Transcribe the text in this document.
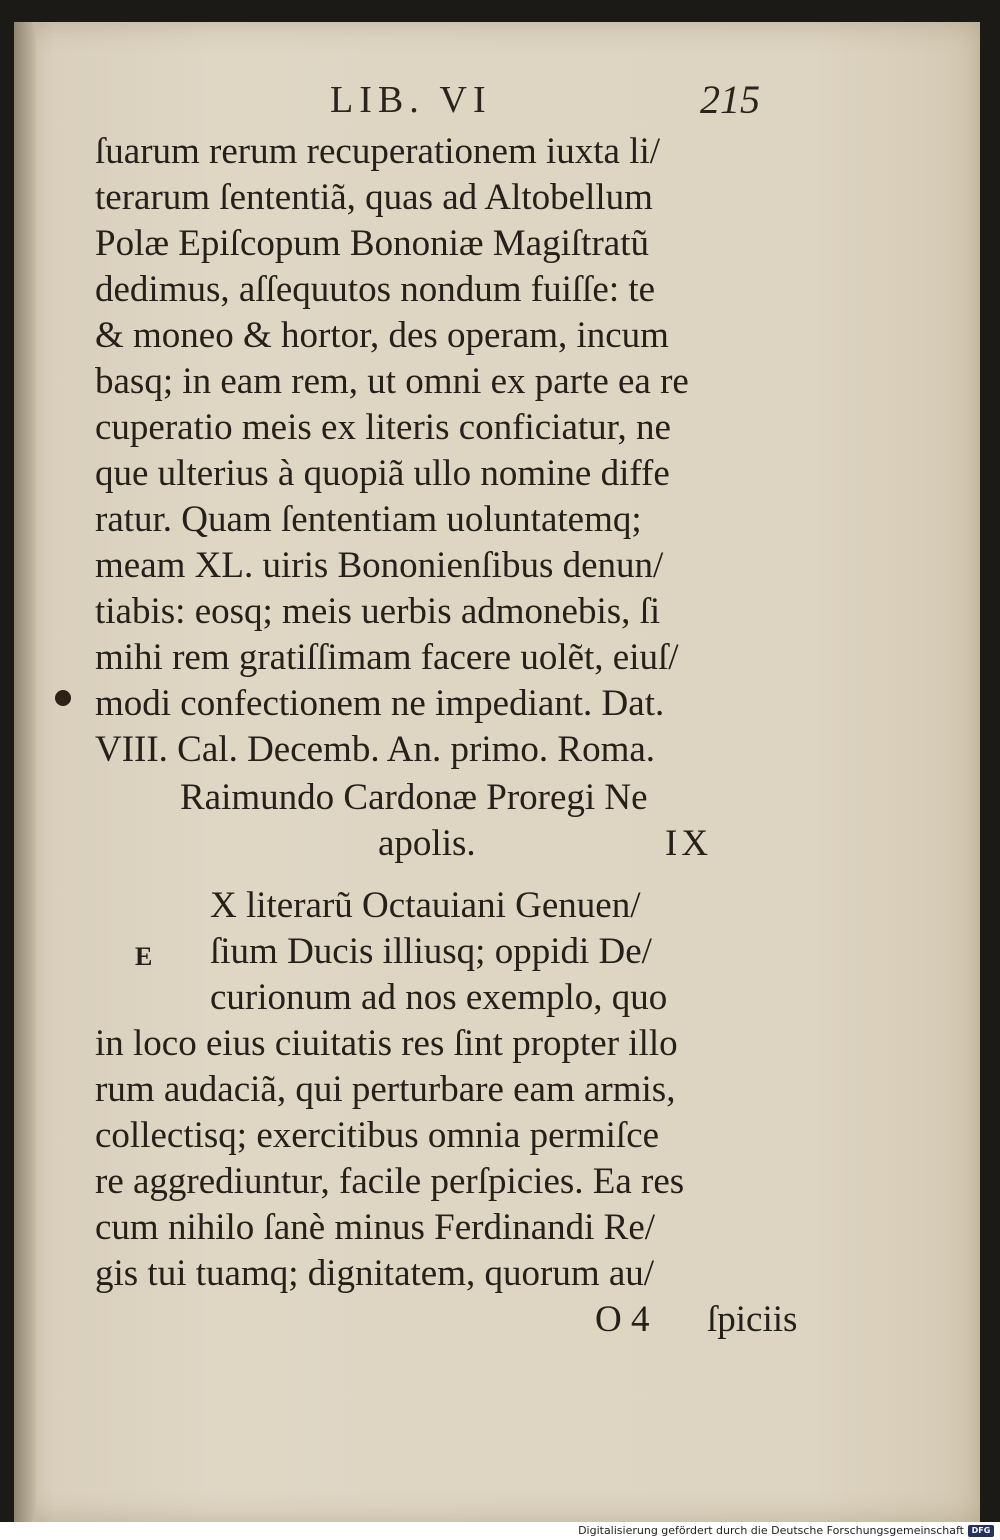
LIB. VI	215
ſuarum rerum recuperationem iuxta li/
terarum ſententiã, quas ad Altobellum
Polæ Epiſcopum Bononiæ Magiſtratũ
dedimus, aſſequutos nondum fuiſſe: te
& moneo & hortor, des operam, incum
basq; in eam rem, ut omni ex parte ea re
cuperatio meis ex literis conficiatur, ne
que ulterius à quopiã ullo nomine diffe
ratur. Quam ſententiam uoluntatemq;
meam XL. uiris Bononienſibus denun/
tiabis: eosq; meis uerbis admonebis, ſi
mihi rem gratiſſimam facere uolẽt, eiuſ/
modi confectionem ne impediant. Dat.
VIII. Cal. Decemb. An. primo. Roma.
Raimundo Cardonæ Proregi Ne
apolis.	IX
E
X literarũ Octauiani Genuen/
ſium Ducis illiusq; oppidi De/
curionum ad nos exemplo, quo
in loco eius ciuitatis res ſint propter illo
rum audaciã, qui perturbare eam armis,
collectisq; exercitibus omnia permiſce
re aggrediuntur, facile perſpicies. Ea res
cum nihilo ſanè minus Ferdinandi Re/
gis tui tuamq; dignitatem, quorum au/
O 4 ſpiciis
Digitalisierung gefördert durch die Deutsche Forschungsgemeinschaft DFG
